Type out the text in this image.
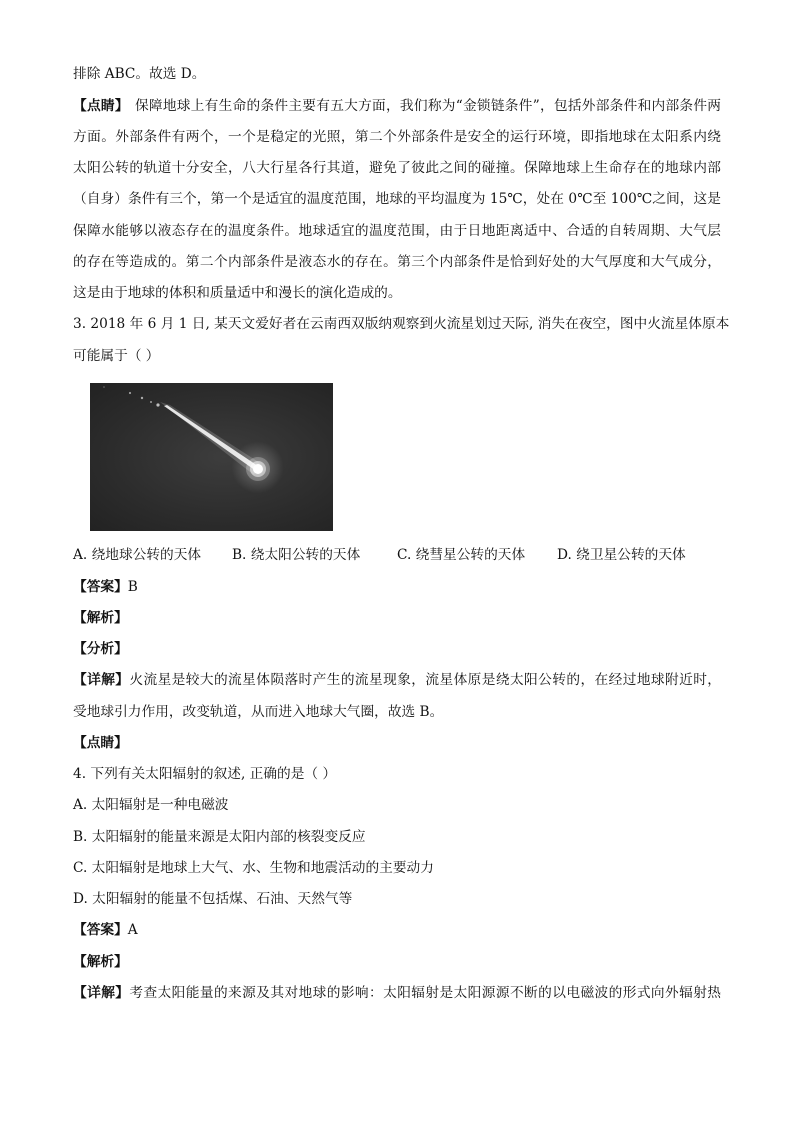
排除 ABC。故选 D。
【点睛】 保障地球上有生命的条件主要有五大方面，我们称为“金锁链条件”，包括外部条件和内部条件两
方面。外部条件有两个，一个是稳定的光照，第二个外部条件是安全的运行环境，即指地球在太阳系内绕
太阳公转的轨道十分安全，八大行星各行其道，避免了彼此之间的碰撞。保障地球上生命存在的地球内部
（自身）条件有三个，第一个是适宜的温度范围，地球的平均温度为 15℃，处在 0℃至 100℃之间，这是
保障水能够以液态存在的温度条件。地球适宜的温度范围，由于日地距离适中、合适的自转周期、大气层
的存在等造成的。第二个内部条件是液态水的存在。第三个内部条件是恰到好处的大气厚度和大气成分，
这是由于地球的体积和质量适中和漫长的演化造成的。
3. 2018 年 6 月 1 日, 某天文爱好者在云南西双版纳观察到火流星划过天际, 消失在夜空，图中火流星体原本
可能属于（ ）
A. 绕地球公转的天体 B. 绕太阳公转的天体	C. 绕彗星公转的天体 D. 绕卫星公转的天体
【答案】B
【解析】
【分析】
【详解】火流星是较大的流星体陨落时产生的流星现象，流星体原是绕太阳公转的，在经过地球附近时，
受地球引力作用，改变轨道，从而进入地球大气圈，故选 B。
【点睛】
4. 下列有关太阳辐射的叙述, 正确的是（ ）
A. 太阳辐射是一种电磁波
B. 太阳辐射的能量来源是太阳内部的核裂变反应
C. 太阳辐射是地球上大气、水、生物和地震活动的主要动力
D. 太阳辐射的能量不包括煤、石油、天然气等
【答案】A
【解析】
【详解】考查太阳能量的来源及其对地球的影响：太阳辐射是太阳源源不断的以电磁波的形式向外辐射热
